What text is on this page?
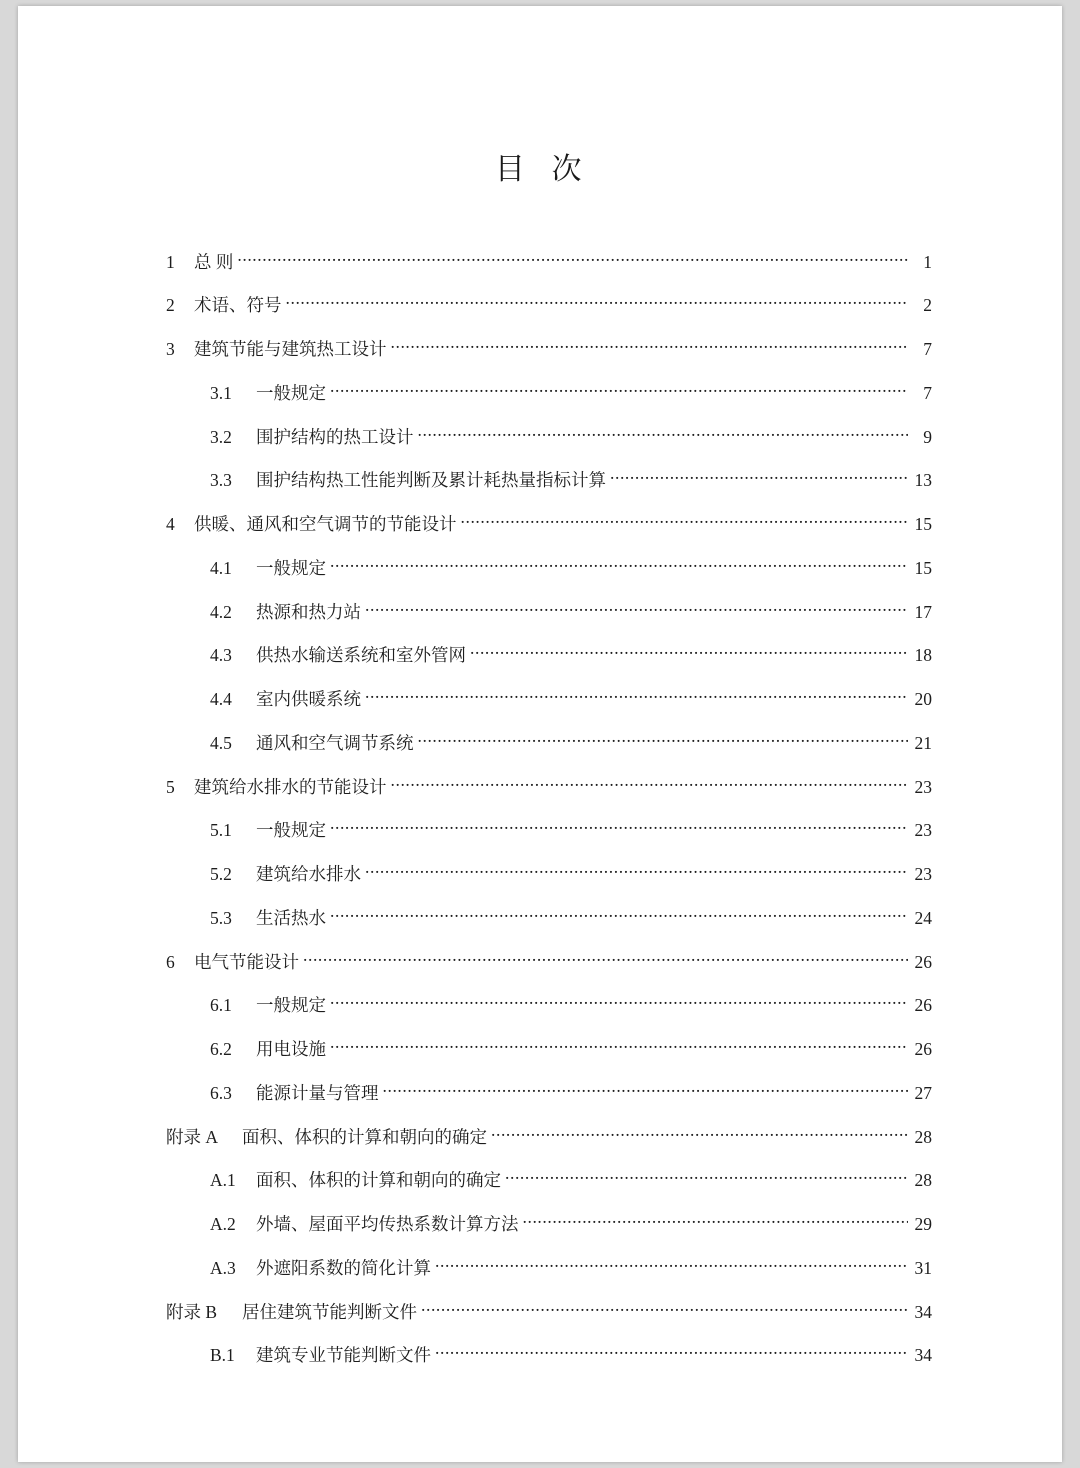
目 次
1	总 则 .....	1
2	术语、符号 .....	2
3	建筑节能与建筑热工设计 .....	7
3.1	一般规定 .....	7
3.2	围护结构的热工设计 .....	9
3.3	围护结构热工性能判断及累计耗热量指标计算 .....	13
4	供暖、通风和空气调节的节能设计 .....	15
4.1	一般规定 .....	15
4.2	热源和热力站 .....	17
4.3	供热水输送系统和室外管网 .....	18
4.4	室内供暖系统 .....	20
4.5	通风和空气调节系统 .....	21
5	建筑给水排水的节能设计 .....	23
5.1	一般规定 .....	23
5.2	建筑给水排水 .....	23
5.3	生活热水 .....	24
6	电气节能设计 .....	26
6.1	一般规定 .....	26
6.2	用电设施 .....	26
6.3	能源计量与管理 .....	27
附录 A	面积、体积的计算和朝向的确定 .....	28
A.1	面积、体积的计算和朝向的确定 .....	28
A.2	外墙、屋面平均传热系数计算方法 .....	29
A.3	外遮阳系数的简化计算 .....	31
附录 B	居住建筑节能判断文件 .....	34
B.1	建筑专业节能判断文件 .....	34
